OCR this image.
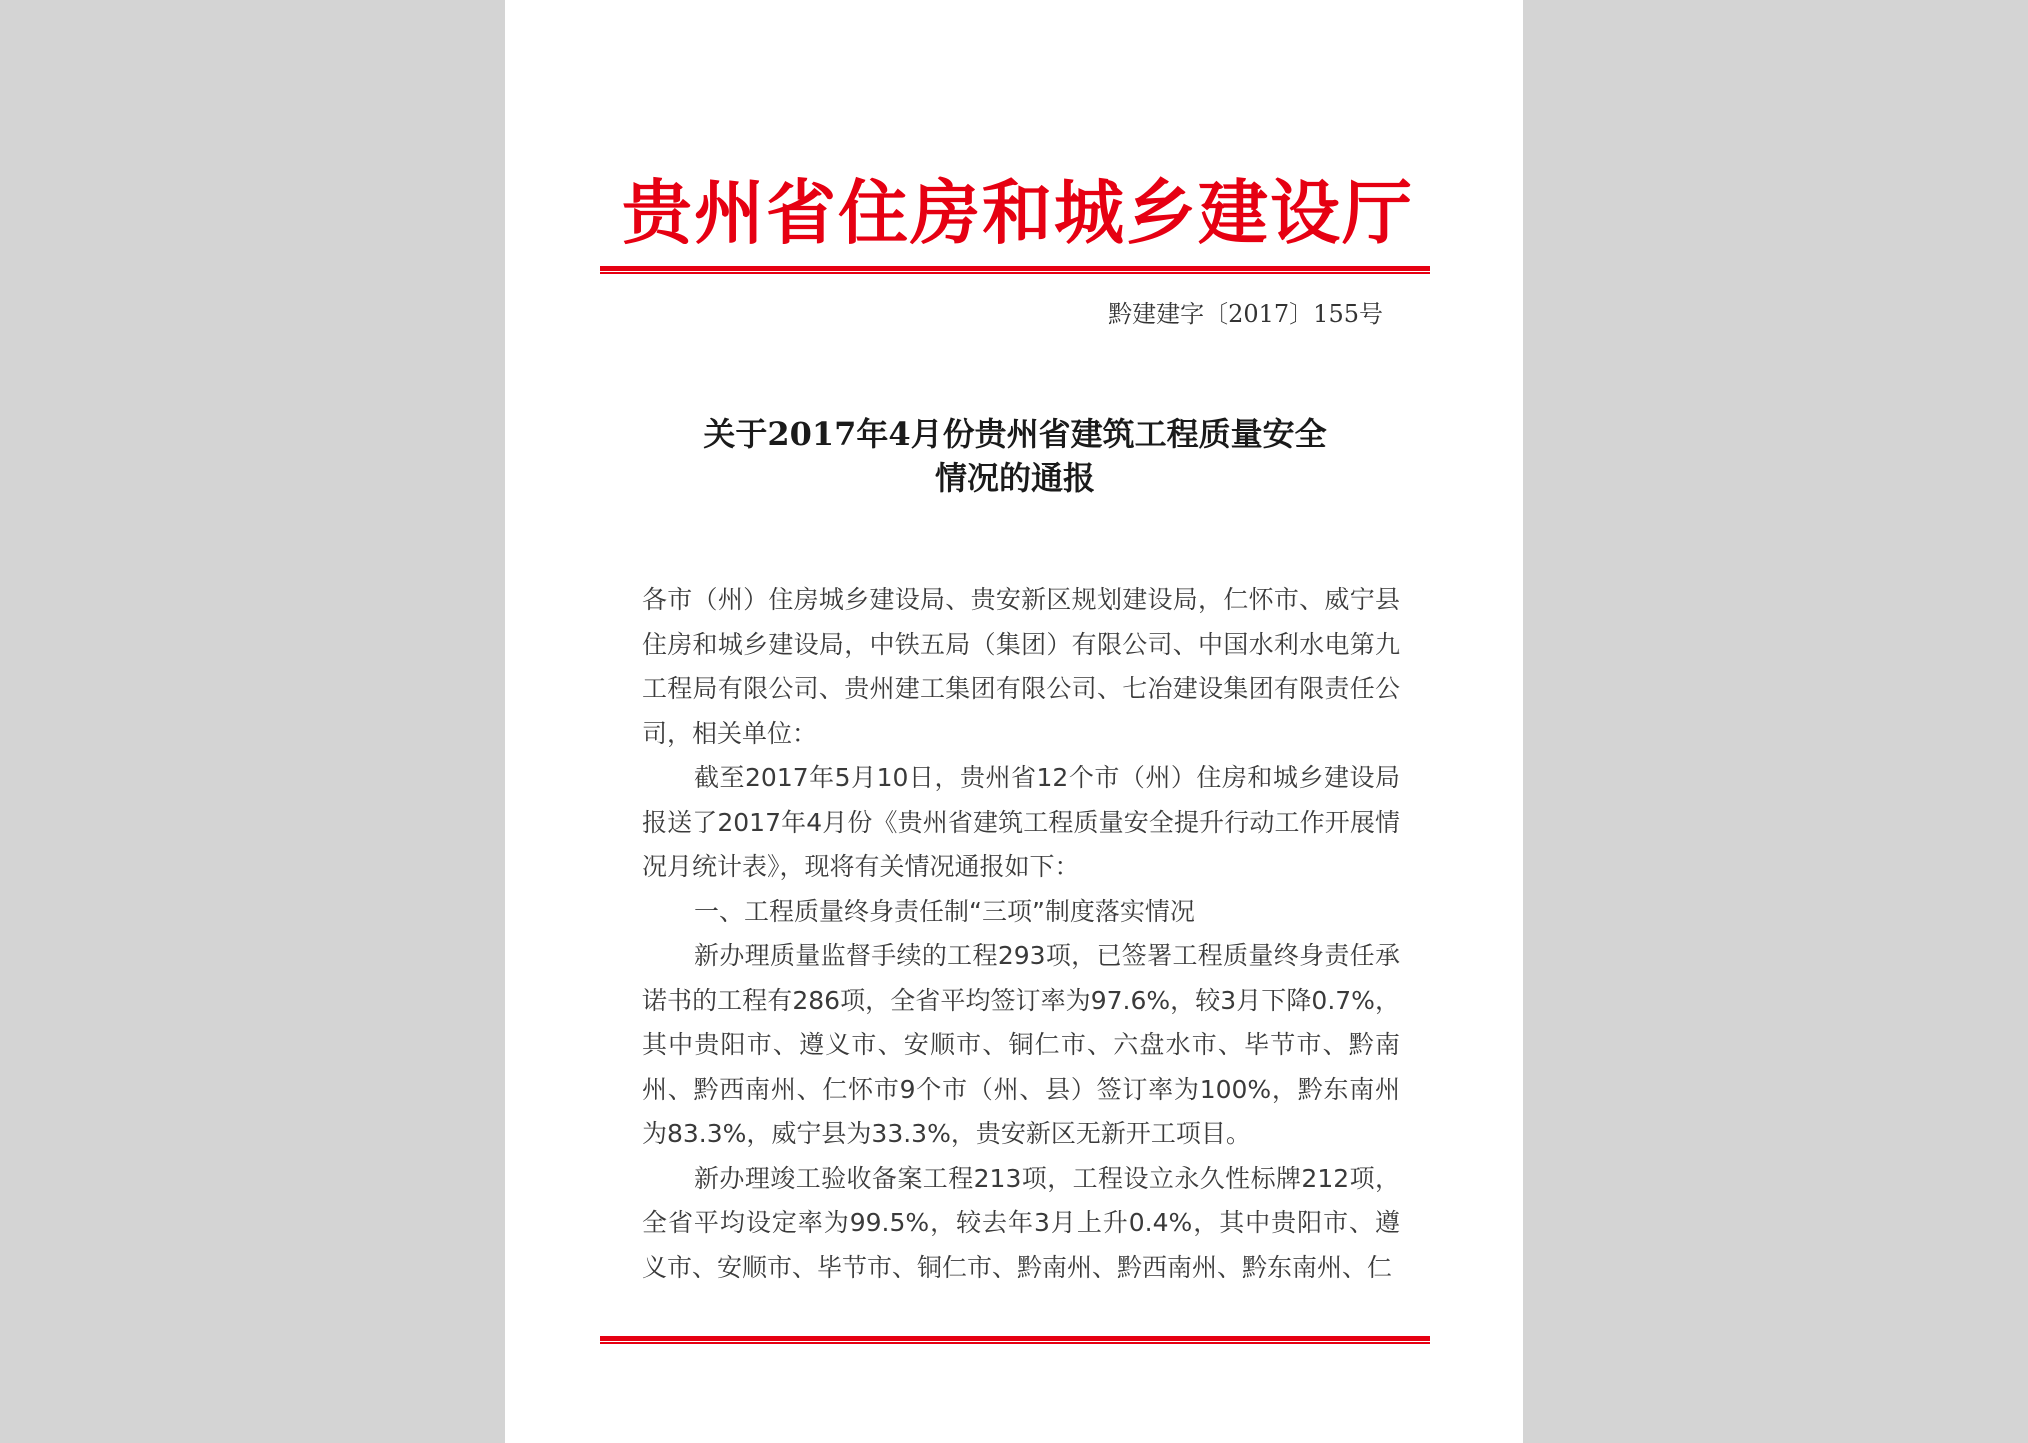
贵州省住房和城乡建设厅
黔建建字〔2017〕155号
关于2017年4月份贵州省建筑工程质量安全
情况的通报

各市（州）住房城乡建设局、贵安新区规划建设局，仁怀市、威宁县住房和城乡建设局，中铁五局（集团）有限公司、中国水利水电第九工程局有限公司、贵州建工集团有限公司、七冶建设集团有限责任公司，相关单位：

截至2017年5月10日，贵州省12个市（州）住房和城乡建设局报送了2017年4月份《贵州省建筑工程质量安全提升行动工作开展情况月统计表》，现将有关情况通报如下：

一、工程质量终身责任制“三项”制度落实情况

新办理质量监督手续的工程293项，已签署工程质量终身责任承诺书的工程有286项，全省平均签订率为97.6%，较3月下降0.7%，其中贵阳市、遵义市、安顺市、铜仁市、六盘水市、毕节市、黔南州、黔西南州、仁怀市9个市（州、县）签订率为100%，黔东南州为83.3%，威宁县为33.3%，贵安新区无新开工项目。

新办理竣工验收备案工程213项，工程设立永久性标牌212项，全省平均设定率为99.5%，较去年3月上升0.4%，其中贵阳市、遵义市、安顺市、毕节市、铜仁市、黔南州、黔西南州、黔东南州、仁
